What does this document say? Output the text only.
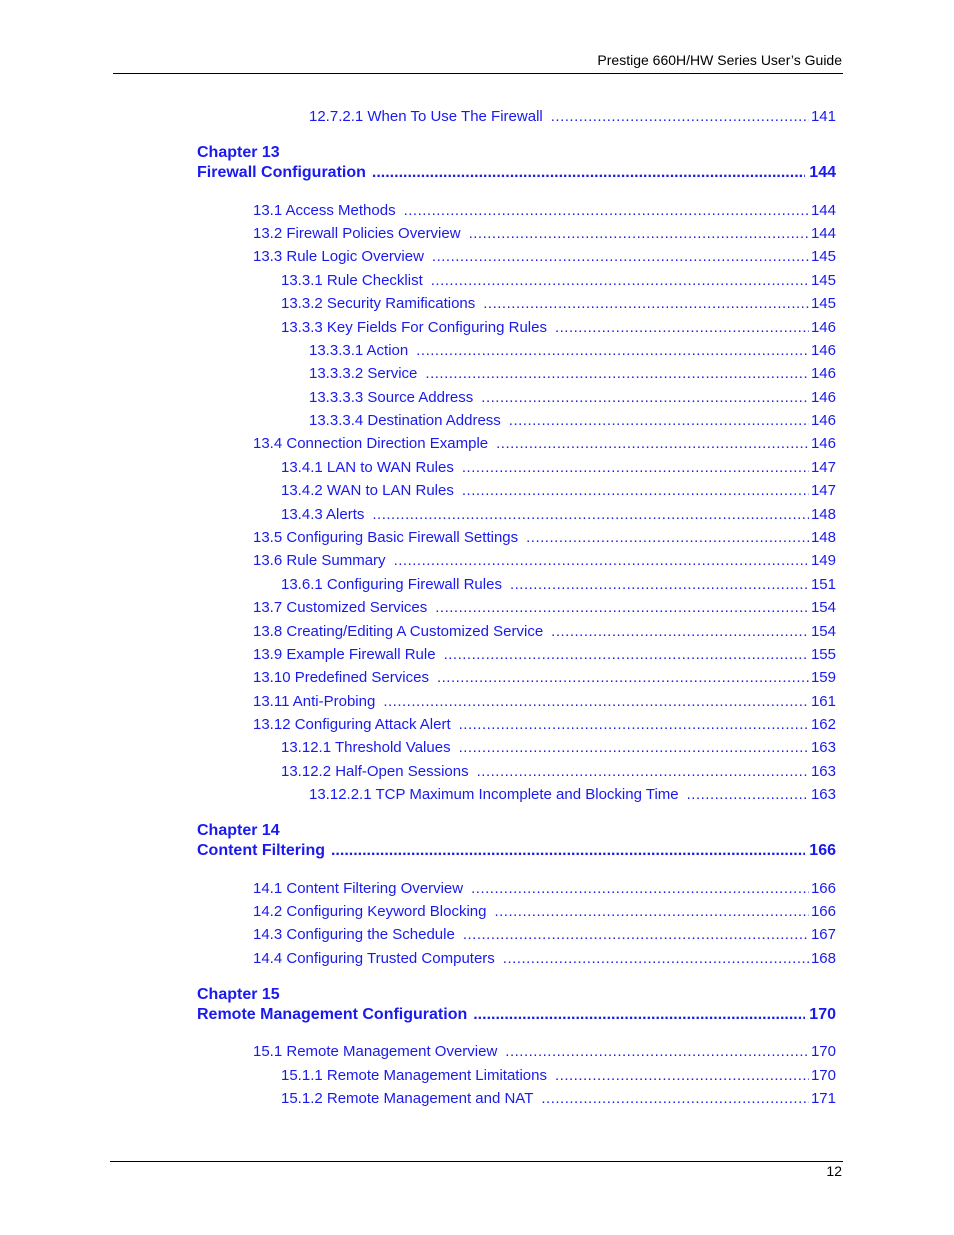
Prestige 660H/HW Series User’s Guide
12.7.2.1 When To Use The Firewall .....	141
Chapter 13
Firewall Configuration .....	144
13.1 Access Methods .....	144
13.2 Firewall Policies Overview .....	144
13.3 Rule Logic Overview .....	145
13.3.1 Rule Checklist .....	145
13.3.2 Security Ramifications .....	145
13.3.3 Key Fields For Configuring Rules .....	146
13.3.3.1 Action .....	146
13.3.3.2 Service .....	146
13.3.3.3 Source Address .....	146
13.3.3.4 Destination Address .....	146
13.4 Connection Direction Example .....	146
13.4.1 LAN to WAN Rules .....	147
13.4.2 WAN to LAN Rules .....	147
13.4.3 Alerts .....	148
13.5 Configuring Basic Firewall Settings .....	148
13.6 Rule Summary .....	149
13.6.1 Configuring Firewall Rules .....	151
13.7 Customized Services .....	154
13.8 Creating/Editing A Customized Service .....	154
13.9 Example Firewall Rule .....	155
13.10 Predefined Services .....	159
13.11 Anti-Probing .....	161
13.12 Configuring Attack Alert .....	162
13.12.1 Threshold Values .....	163
13.12.2 Half-Open Sessions .....	163
13.12.2.1 TCP Maximum Incomplete and Blocking Time .....	163
Chapter 14
Content Filtering .....	166
14.1 Content Filtering Overview .....	166
14.2 Configuring Keyword Blocking .....	166
14.3 Configuring the Schedule .....	167
14.4 Configuring Trusted Computers .....	168
Chapter 15
Remote Management Configuration .....	170
15.1 Remote Management Overview .....	170
15.1.1 Remote Management Limitations .....	170
15.1.2 Remote Management and NAT .....	171
12
